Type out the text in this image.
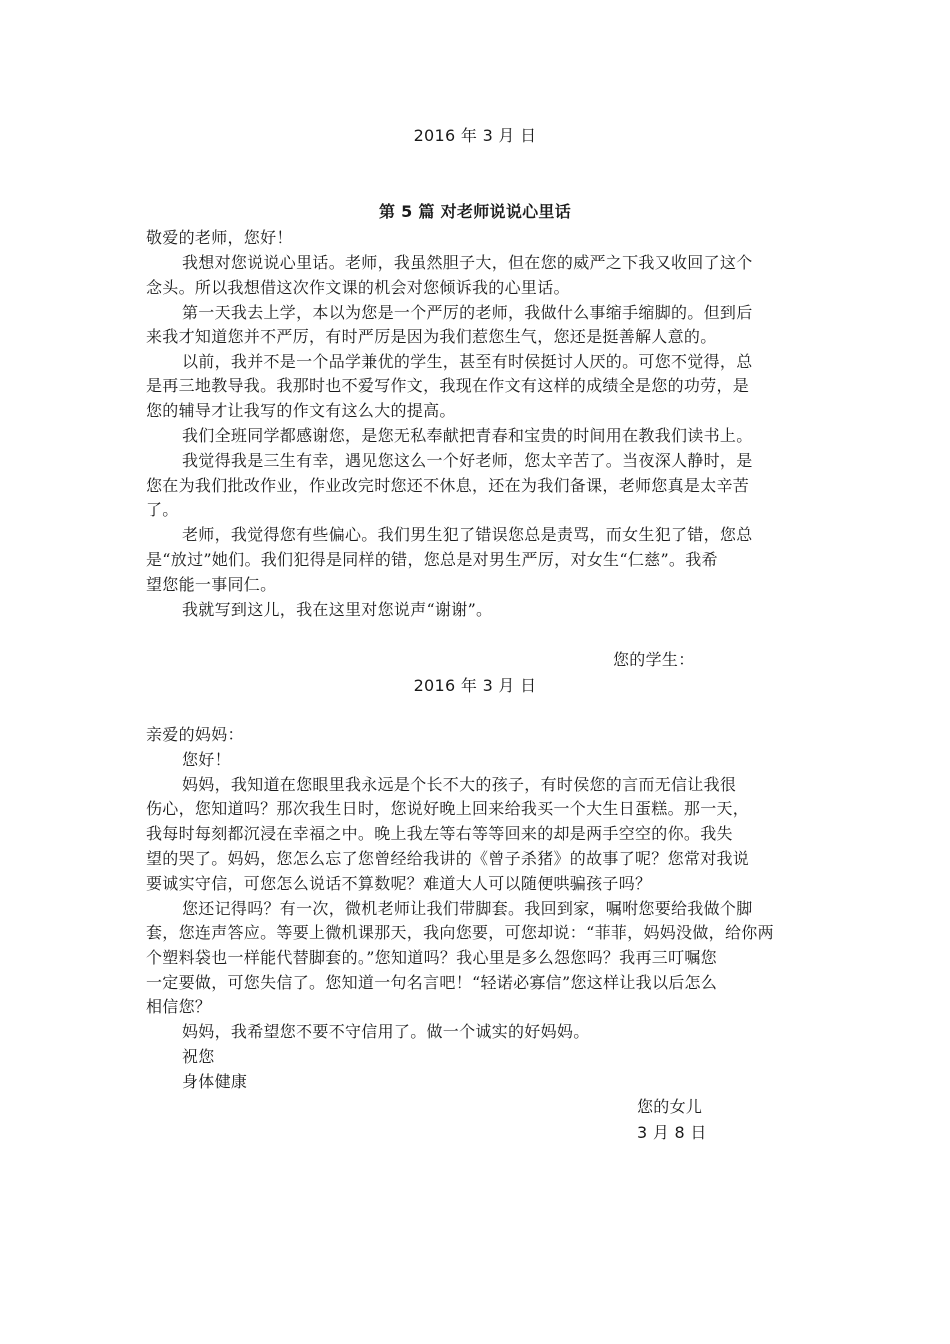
2016 年 3 月 日
第 5 篇 对老师说说心里话
敬爱的老师，您好！
我想对您说说心里话。老师，我虽然胆子大，但在您的威严之下我又收回了这个
念头。所以我想借这次作文课的机会对您倾诉我的心里话。
第一天我去上学，本以为您是一个严厉的老师，我做什么事缩手缩脚的。但到后
来我才知道您并不严厉，有时严厉是因为我们惹您生气，您还是挺善解人意的。
以前，我并不是一个品学兼优的学生，甚至有时侯挺讨人厌的。可您不觉得，总
是再三地教导我。我那时也不爱写作文，我现在作文有这样的成绩全是您的功劳，是
您的辅导才让我写的作文有这么大的提高。
我们全班同学都感谢您，是您无私奉献把青春和宝贵的时间用在教我们读书上。
我觉得我是三生有幸，遇见您这么一个好老师，您太辛苦了。当夜深人静时，是
您在为我们批改作业，作业改完时您还不休息，还在为我们备课，老师您真是太辛苦
了。
老师，我觉得您有些偏心。我们男生犯了错误您总是责骂，而女生犯了错，您总
是“放过”她们。我们犯得是同样的错，您总是对男生严厉，对女生“仁慈”。我希
望您能一事同仁。
我就写到这儿，我在这里对您说声“谢谢”。
您的学生：
2016 年 3 月 日
亲爱的妈妈：
您好！
妈妈，我知道在您眼里我永远是个长不大的孩子，有时侯您的言而无信让我很
伤心，您知道吗？那次我生日时，您说好晚上回来给我买一个大生日蛋糕。那一天，
我每时每刻都沉浸在幸福之中。晚上我左等右等等回来的却是两手空空的你。我失
望的哭了。妈妈，您怎么忘了您曾经给我讲的《曾子杀猪》的故事了呢？您常对我说
要诚实守信，可您怎么说话不算数呢？难道大人可以随便哄骗孩子吗？
您还记得吗？有一次，微机老师让我们带脚套。我回到家，嘱咐您要给我做个脚
套，您连声答应。等要上微机课那天，我向您要，可您却说：“菲菲，妈妈没做，给你两
个塑料袋也一样能代替脚套的。”您知道吗？我心里是多么怨您吗？我再三叮嘱您
一定要做，可您失信了。您知道一句名言吧！“轻诺必寡信”您这样让我以后怎么
相信您？
妈妈，我希望您不要不守信用了。做一个诚实的好妈妈。
祝您
身体健康
您的女儿
3 月 8 日
